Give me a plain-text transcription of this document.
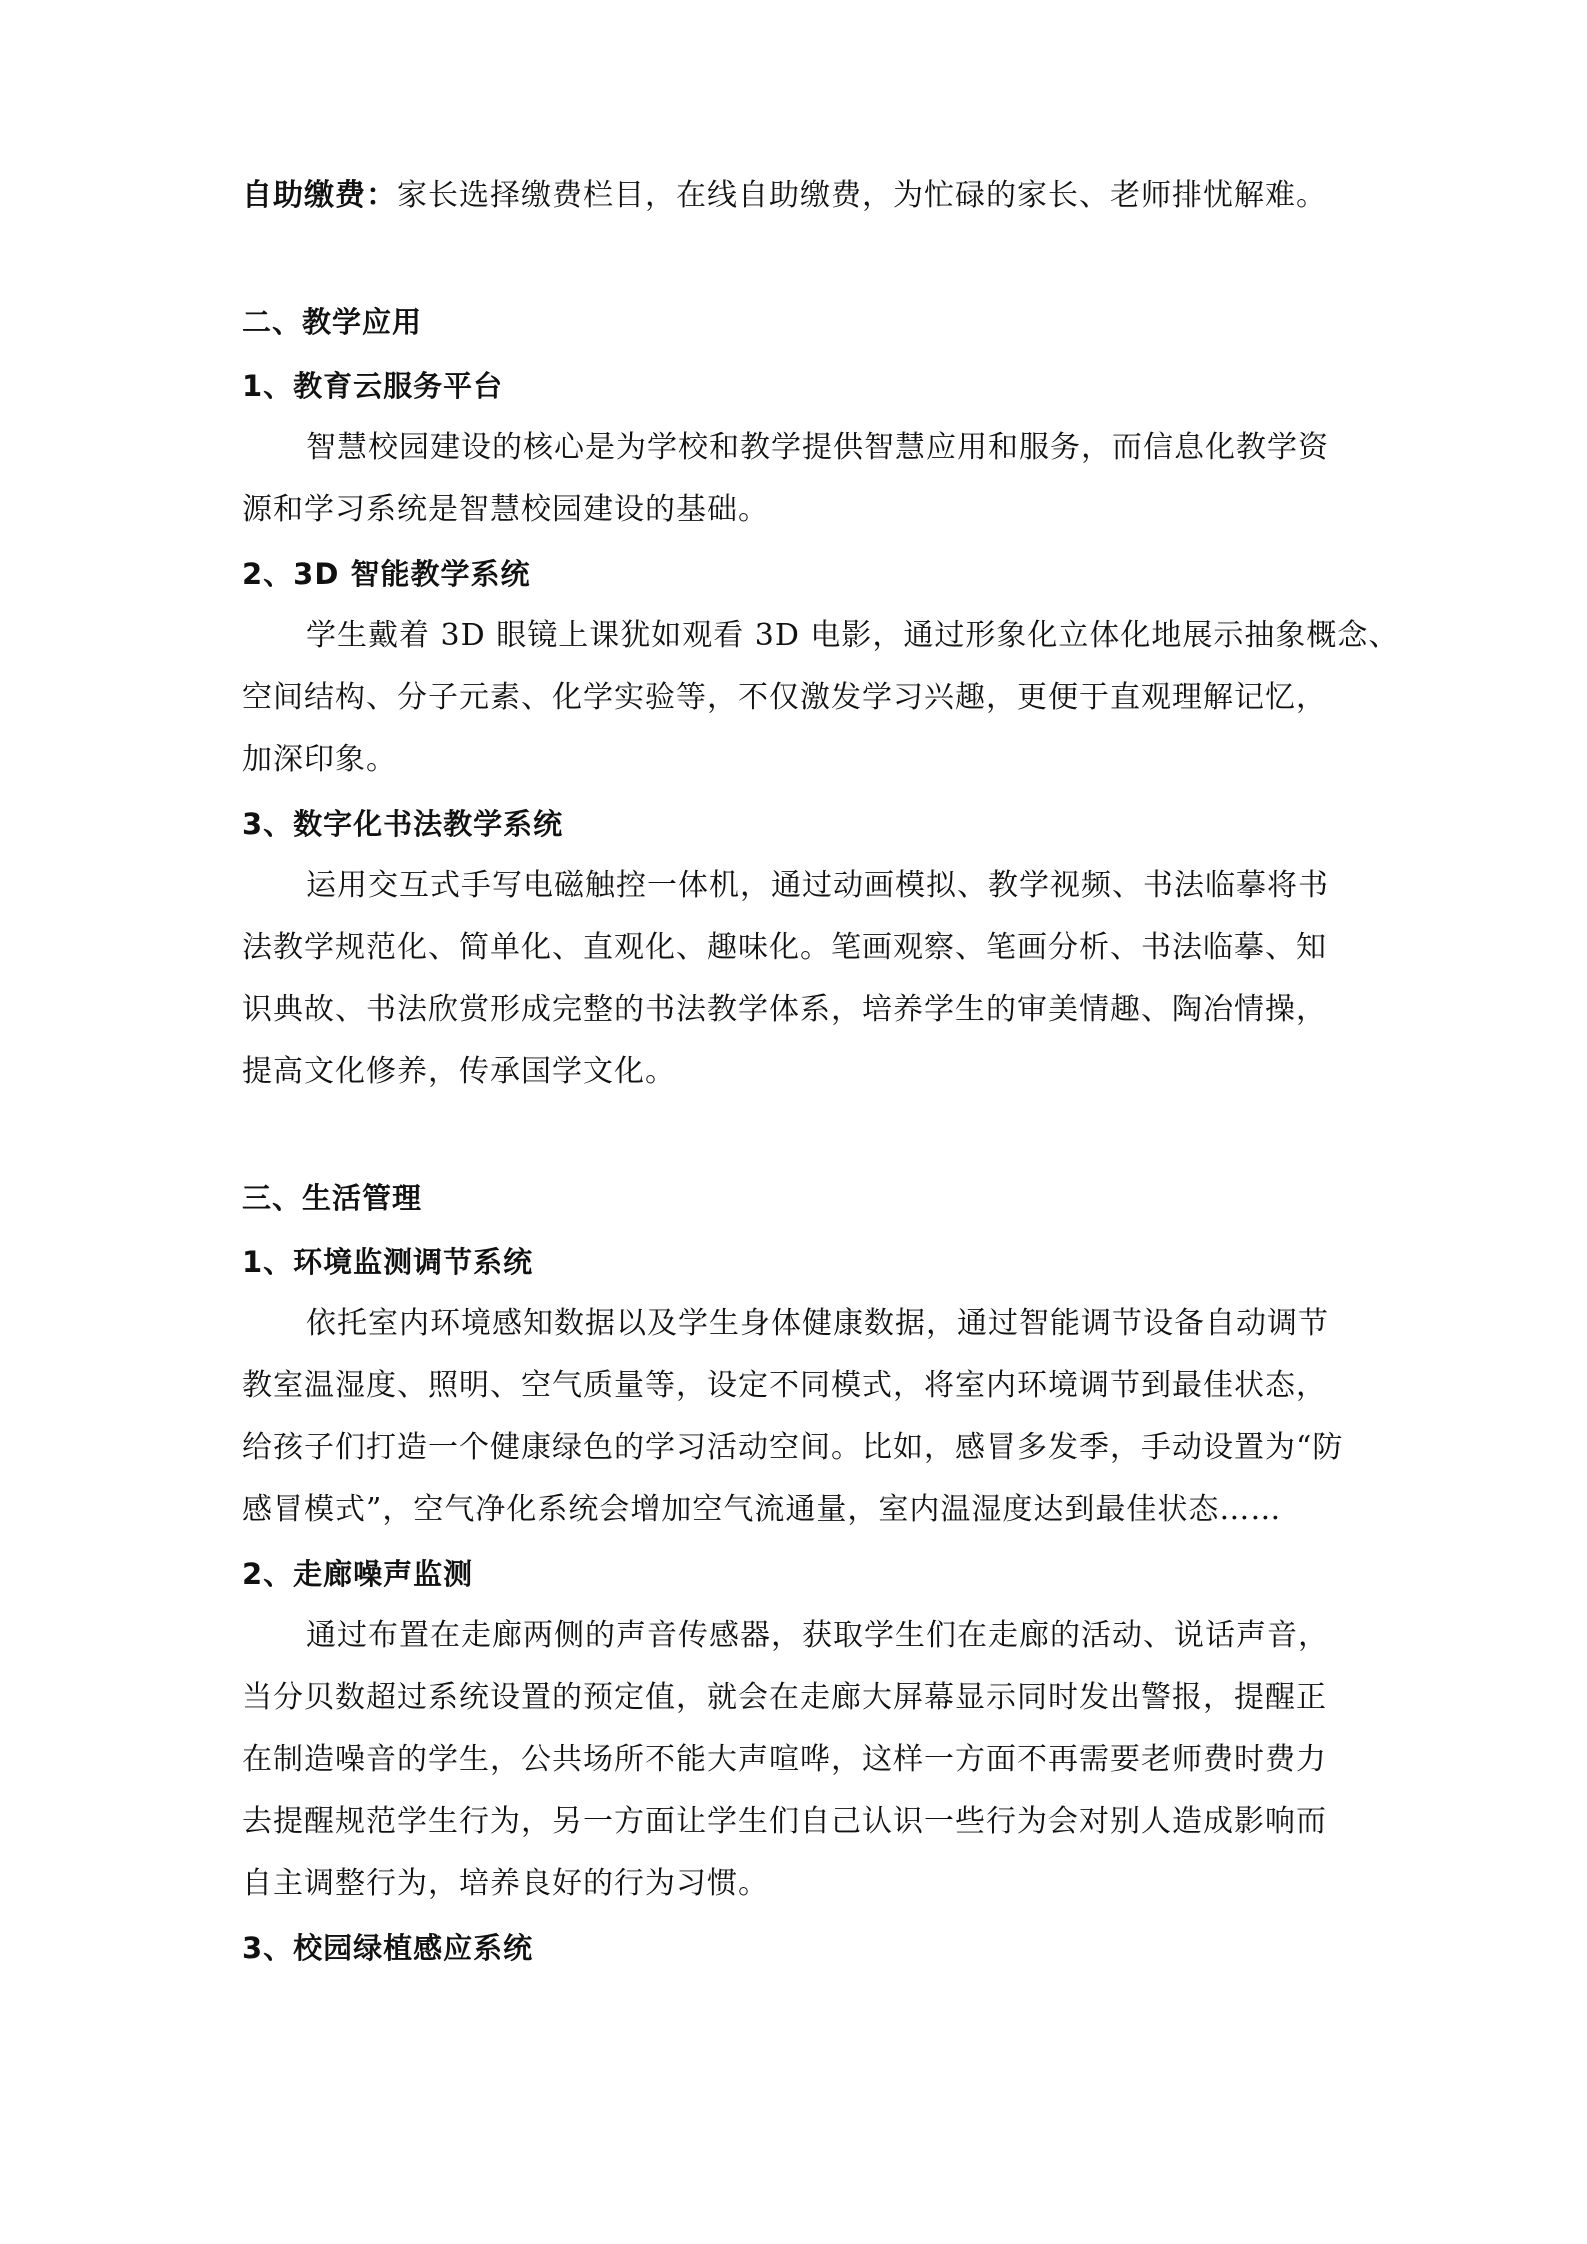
自助缴费：家长选择缴费栏目，在线自助缴费，为忙碌的家长、老师排忧解难。
二、教学应用
1、教育云服务平台
智慧校园建设的核心是为学校和教学提供智慧应用和服务，而信息化教学资
源和学习系统是智慧校园建设的基础。
2、3D 智能教学系统
学生戴着 3D 眼镜上课犹如观看 3D 电影，通过形象化立体化地展示抽象概念、
空间结构、分子元素、化学实验等，不仅激发学习兴趣，更便于直观理解记忆，
加深印象。
3、数字化书法教学系统
运用交互式手写电磁触控一体机，通过动画模拟、教学视频、书法临摹将书
法教学规范化、简单化、直观化、趣味化。笔画观察、笔画分析、书法临摹、知
识典故、书法欣赏形成完整的书法教学体系，培养学生的审美情趣、陶冶情操，
提高文化修养，传承国学文化。
三、生活管理
1、环境监测调节系统
依托室内环境感知数据以及学生身体健康数据，通过智能调节设备自动调节
教室温湿度、照明、空气质量等，设定不同模式，将室内环境调节到最佳状态，
给孩子们打造一个健康绿色的学习活动空间。比如，感冒多发季，手动设置为“防
感冒模式”，空气净化系统会增加空气流通量，室内温湿度达到最佳状态……
2、走廊噪声监测
通过布置在走廊两侧的声音传感器，获取学生们在走廊的活动、说话声音，
当分贝数超过系统设置的预定值，就会在走廊大屏幕显示同时发出警报，提醒正
在制造噪音的学生，公共场所不能大声喧哗，这样一方面不再需要老师费时费力
去提醒规范学生行为，另一方面让学生们自己认识一些行为会对别人造成影响而
自主调整行为，培养良好的行为习惯。
3、校园绿植感应系统
